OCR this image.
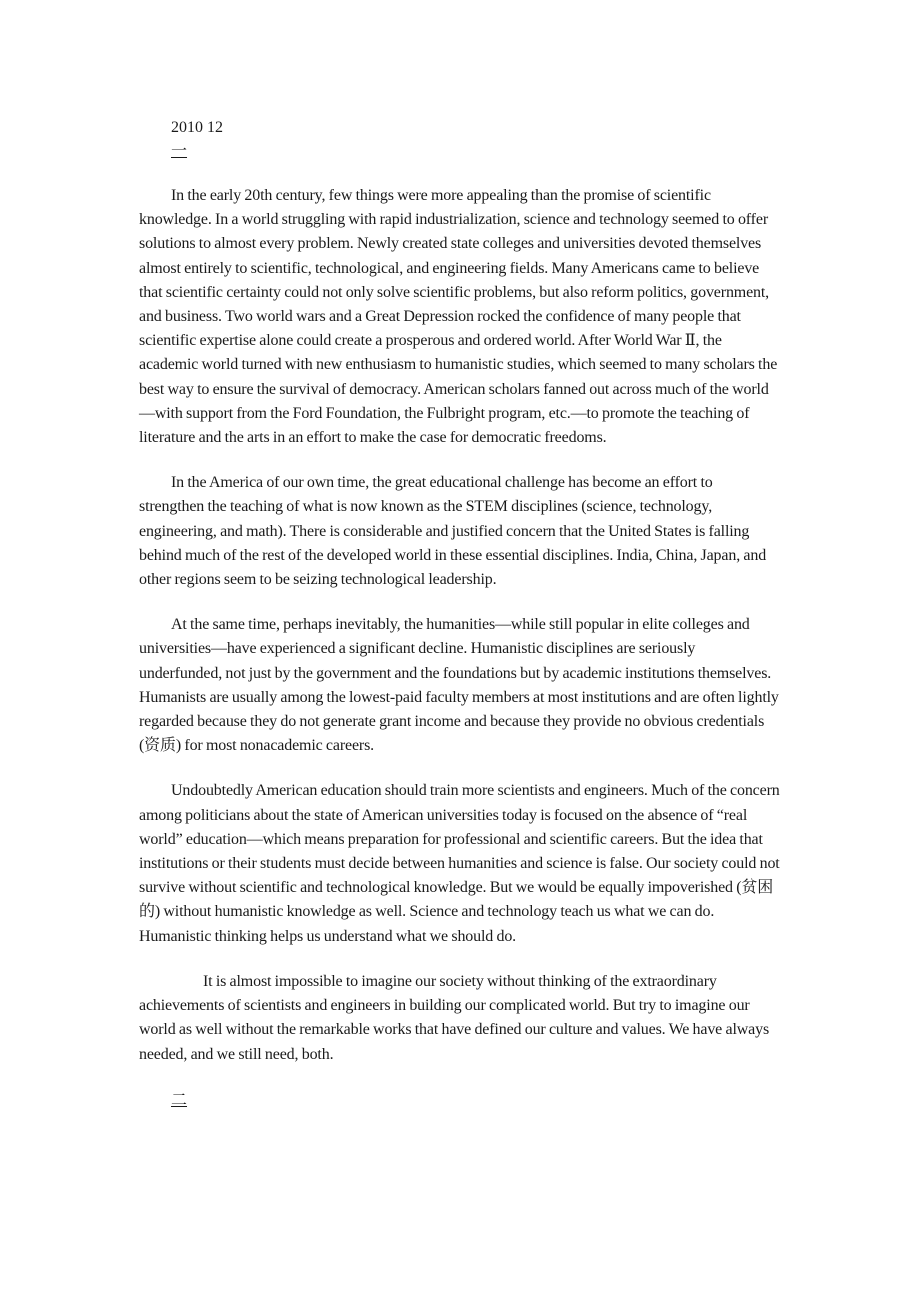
2010 12
一

In the early 20th century, few things were more appealing than the promise of scientific knowledge. In a world struggling with rapid industrialization, science and technology seemed to offer solutions to almost every problem. Newly created state colleges and universities devoted themselves almost entirely to scientific, technological, and engineering fields. Many Americans came to believe that scientific certainty could not only solve scientific problems, but also reform politics, government, and business. Two world wars and a Great Depression rocked the confidence of many people that scientific expertise alone could create a prosperous and ordered world. After World War Ⅱ, the academic world turned with new enthusiasm to humanistic studies, which seemed to many scholars the best way to ensure the survival of democracy. American scholars fanned out across much of the world—with support from the Ford Foundation, the Fulbright program, etc.—to promote the teaching of literature and the arts in an effort to make the case for democratic freedoms.

In the America of our own time, the great educational challenge has become an effort to strengthen the teaching of what is now known as the STEM disciplines (science, technology, engineering, and math). There is considerable and justified concern that the United States is falling behind much of the rest of the developed world in these essential disciplines. India, China, Japan, and other regions seem to be seizing technological leadership.

At the same time, perhaps inevitably, the humanities—while still popular in elite colleges and universities—have experienced a significant decline. Humanistic disciplines are seriously underfunded, not just by the government and the foundations but by academic institutions themselves. Humanists are usually among the lowest-paid faculty members at most institutions and are often lightly regarded because they do not generate grant income and because they provide no obvious credentials (资质) for most nonacademic careers.

Undoubtedly American education should train more scientists and engineers. Much of the concern among politicians about the state of American universities today is focused on the absence of “real world” education—which means preparation for professional and scientific careers. But the idea that institutions or their students must decide between humanities and science is false. Our society could not survive without scientific and technological knowledge. But we would be equally impoverished (贫困的) without humanistic knowledge as well. Science and technology teach us what we can do. Humanistic thinking helps us understand what we should do.

It is almost impossible to imagine our society without thinking of the extraordinary achievements of scientists and engineers in building our complicated world. But try to imagine our world as well without the remarkable works that have defined our culture and values. We have always needed, and we still need, both.

二
